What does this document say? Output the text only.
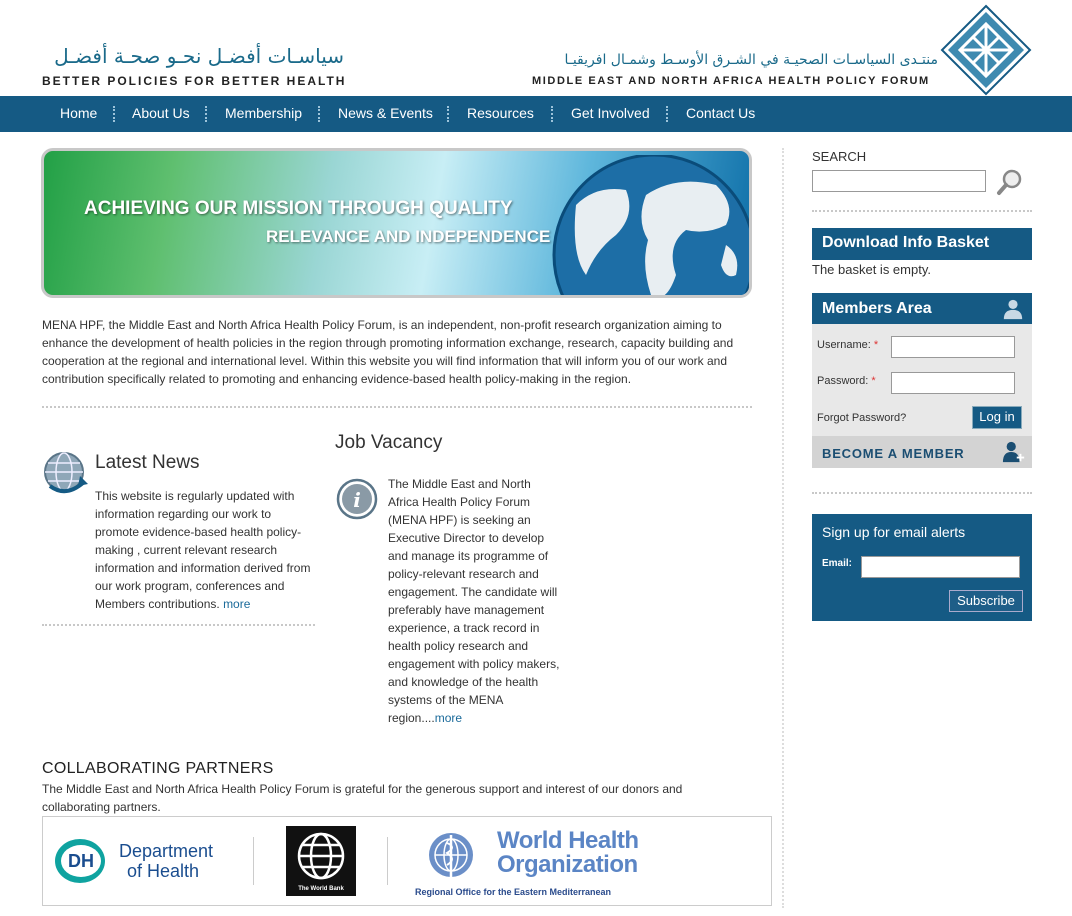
سياسـات أفضـل نحـو صحـة أفضـل
BETTER POLICIES FOR BETTER HEALTH
منتـدى السياسـات الصحيـة في الشـرق الأوسـط وشمـال افريقيـا
MIDDLE EAST AND NORTH AFRICA HEALTH POLICY FORUM
Home About Us	Membership	News & Events Resources	Get Involved	Contact Us
ACHIEVING OUR MISSION THROUGH QUALITY
RELEVANCE AND INDEPENDENCE

MENA HPF, the Middle East and North Africa Health Policy Forum, is an independent, non-profit research organization aiming to enhance the development of health policies in the region through promoting information exchange, research, capacity building and cooperation at the regional and international level. Within this website you will find information that will inform you of our work and contribution specifically related to promoting and enhancing evidence-based health policy-making in the region.

Latest News
This website is regularly updated with information regarding our work to promote evidence-based health policy-making , current relevant research information and information derived from our work program, conferences and Members contributions. more
Job Vacancy
i
The Middle East and North Africa Health Policy Forum (MENA HPF) is seeking an Executive Director to develop and manage its programme of policy-relevant research and engagement. The candidate will preferably have management experience, a track record in health policy research and engagement with policy makers, and knowledge of the health systems of the MENA region....more
COLLABORATING PARTNERS
The Middle East and North Africa Health Policy Forum is grateful for the generous support and interest of our donors and collaborating partners.
DH	Department
of Health
The World Bank
World Health
Organization
Regional Office for the Eastern Mediterranean
SEARCH
Download Info Basket
The basket is empty.
Members Area
Username: *
Password: *
Forgot Password?	Log in
BECOME A MEMBER
Sign up for email alerts
Email:
Subscribe
